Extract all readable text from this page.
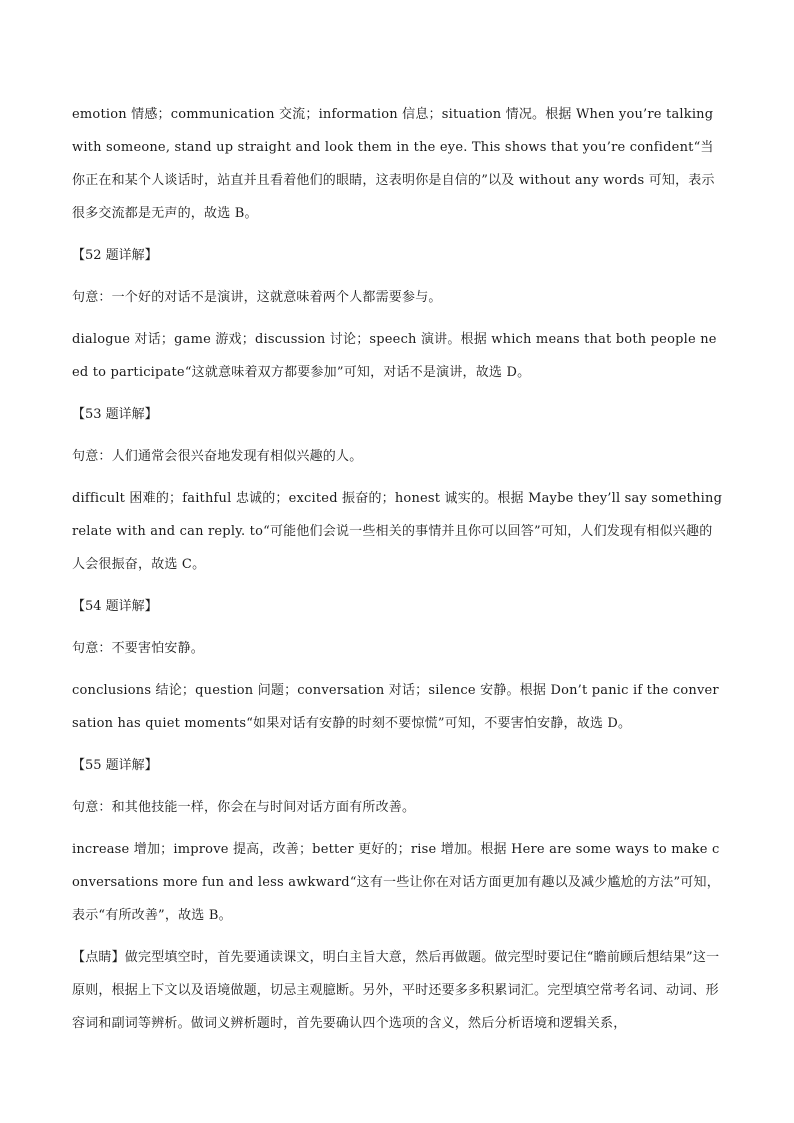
emotion 情感；communication 交流；information 信息；situation 情况。根据 When you’re talking with someone, stand up straight and look them in the eye. This shows that you’re confident“当你正在和某个人谈话时，站直并且看着他们的眼睛，这表明你是自信的”以及 without any words 可知，表示很多交流都是无声的，故选 B。

【52 题详解】

句意：一个好的对话不是演讲，这就意味着两个人都需要参与。

dialogue 对话；game 游戏；discussion 讨论；speech 演讲。根据 which means that both people need to participate“这就意味着双方都要参加”可知，对话不是演讲，故选 D。

【53 题详解】

句意：人们通常会很兴奋地发现有相似兴趣的人。

difficult 困难的；faithful 忠诚的；excited 振奋的；honest 诚实的。根据 Maybe they’ll say something relate with and can reply. to“可能他们会说一些相关的事情并且你可以回答”可知，人们发现有相似兴趣的人会很振奋，故选 C。

【54 题详解】

句意：不要害怕安静。

conclusions 结论；question 问题；conversation 对话；silence 安静。根据 Don’t panic if the conversation has quiet moments“如果对话有安静的时刻不要惊慌”可知，不要害怕安静，故选 D。

【55 题详解】

句意：和其他技能一样，你会在与时间对话方面有所改善。

increase 增加；improve 提高，改善；better 更好的；rise 增加。根据 Here are some ways to make conversations more fun and less awkward“这有一些让你在对话方面更加有趣以及减少尴尬的方法”可知，表示“有所改善”，故选 B。

【点睛】做完型填空时，首先要通读课文，明白主旨大意，然后再做题。做完型时要记住“瞻前顾后想结果”这一原则，根据上下文以及语境做题，切忌主观臆断。另外，平时还要多多积累词汇。完型填空常考名词、动词、形容词和副词等辨析。做词义辨析题时，首先要确认四个选项的含义，然后分析语境和逻辑关系，
